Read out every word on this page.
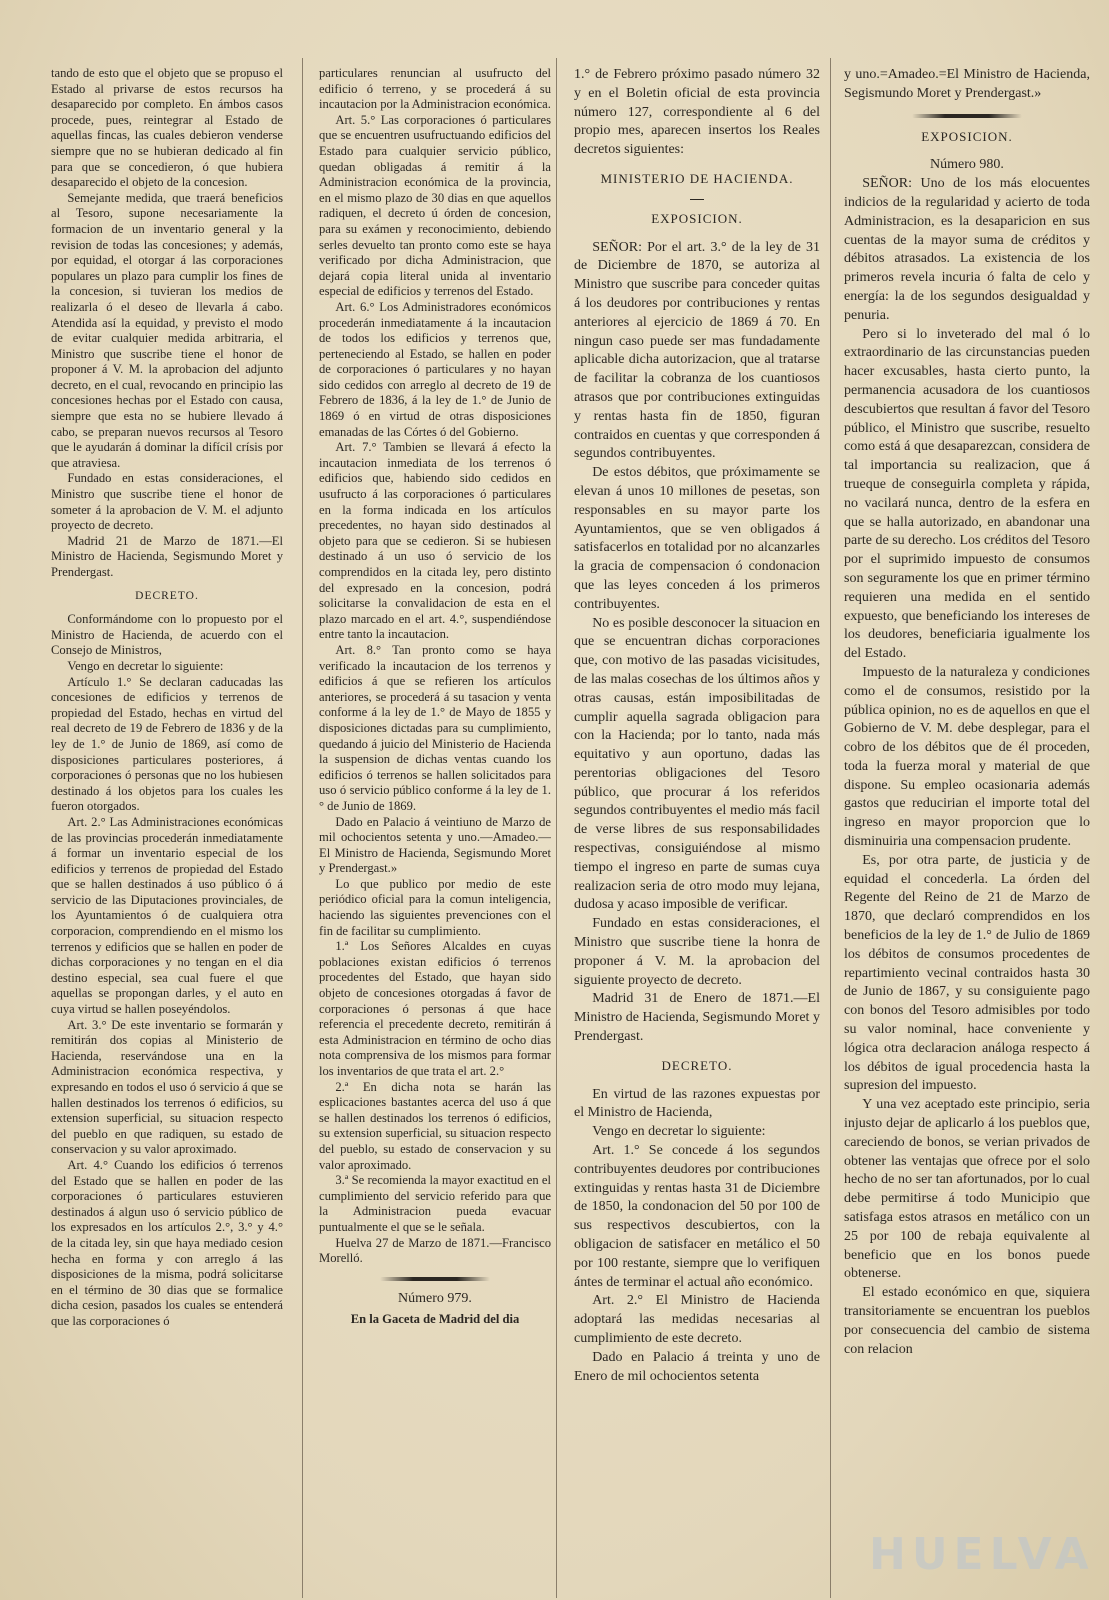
tando de esto que el objeto que se propuso el Estado al privarse de estos recursos ha desaparecido por completo. En ámbos casos procede, pues, reintegrar al Estado de aquellas fincas, las cuales debieron venderse siempre que no se hubieran dedicado al fin para que se concedieron, ó que hubiera desaparecido el objeto de la concesion.

Semejante medida, que traerá beneficios al Tesoro, supone necesariamente la formacion de un inventario general y la revision de todas las concesiones; y además, por equidad, el otorgar á las corporaciones populares un plazo para cumplir los fines de la concesion, si tuvieran los medios de realizarla ó el deseo de llevarla á cabo. Atendida así la equidad, y previsto el modo de evitar cualquier medida arbitraria, el Ministro que suscribe tiene el honor de proponer á V. M. la aprobacion del adjunto decreto, en el cual, revocando en principio las concesiones hechas por el Estado con causa, siempre que esta no se hubiere llevado á cabo, se preparan nuevos recursos al Tesoro que le ayudarán á dominar la difícil crísis por que atraviesa.

Fundado en estas consideraciones, el Ministro que suscribe tiene el honor de someter á la aprobacion de V. M. el adjunto proyecto de decreto.

Madrid 21 de Marzo de 1871.—El Ministro de Hacienda, Segismundo Moret y Prendergast.

DECRETO.

Conformándome con lo propuesto por el Ministro de Hacienda, de acuerdo con el Consejo de Ministros,

Vengo en decretar lo siguiente:

Artículo 1.° Se declaran caducadas las concesiones de edificios y terrenos de propiedad del Estado, hechas en virtud del real decreto de 19 de Febrero de 1836 y de la ley de 1.° de Junio de 1869, así como de disposiciones particulares posteriores, á corporaciones ó personas que no los hubiesen destinado á los objetos para los cuales les fueron otorgados.

Art. 2.° Las Administraciones económicas de las provincias procederán inmediatamente á formar un inventario especial de los edificios y terrenos de propiedad del Estado que se hallen destinados á uso público ó á servicio de las Diputaciones provinciales, de los Ayuntamientos ó de cualquiera otra corporacion, comprendiendo en el mismo los terrenos y edificios que se hallen en poder de dichas corporaciones y no tengan en el dia destino especial, sea cual fuere el que aquellas se propongan darles, y el auto en cuya virtud se hallen poseyéndolos.

Art. 3.° De este inventario se formarán y remitirán dos copias al Ministerio de Hacienda, reservándose una en la Administracion económica respectiva, y expresando en todos el uso ó servicio á que se hallen destinados los terrenos ó edificios, su extension superficial, su situacion respecto del pueblo en que radiquen, su estado de conservacion y su valor aproximado.

Art. 4.° Cuando los edificios ó terrenos del Estado que se hallen en poder de las corporaciones ó particulares estuvieren destinados á algun uso ó servicio público de los expresados en los artículos 2.°, 3.° y 4.° de la citada ley, sin que haya mediado cesion hecha en forma y con arreglo á las disposiciones de la misma, podrá solicitarse en el término de 30 dias que se formalice dicha cesion, pasados los cuales se entenderá que las corporaciones ó

particulares renuncian al usufructo del edificio ó terreno, y se procederá á su incautacion por la Administracion económica.

Art. 5.° Las corporaciones ó particulares que se encuentren usufructuando edificios del Estado para cualquier servicio público, quedan obligadas á remitir á la Administracion económica de la provincia, en el mismo plazo de 30 dias en que aquellos radiquen, el decreto ú órden de concesion, para su exámen y reconocimiento, debiendo serles devuelto tan pronto como este se haya verificado por dicha Administracion, que dejará copia literal unida al inventario especial de edificios y terrenos del Estado.

Art. 6.° Los Administradores económicos procederán inmediatamente á la incautacion de todos los edificios y terrenos que, perteneciendo al Estado, se hallen en poder de corporaciones ó particulares y no hayan sido cedidos con arreglo al decreto de 19 de Febrero de 1836, á la ley de 1.° de Junio de 1869 ó en virtud de otras disposiciones emanadas de las Córtes ó del Gobierno.

Art. 7.° Tambien se llevará á efecto la incautacion inmediata de los terrenos ó edificios que, habiendo sido cedidos en usufructo á las corporaciones ó particulares en la forma indicada en los artículos precedentes, no hayan sido destinados al objeto para que se cedieron. Si se hubiesen destinado á un uso ó servicio de los comprendidos en la citada ley, pero distinto del expresado en la concesion, podrá solicitarse la convalidacion de esta en el plazo marcado en el art. 4.°, suspendiéndose entre tanto la incautacion.

Art. 8.° Tan pronto como se haya verificado la incautacion de los terrenos y edificios á que se refieren los artículos anteriores, se procederá á su tasacion y venta conforme á la ley de 1.° de Mayo de 1855 y disposiciones dictadas para su cumplimiento, quedando á juicio del Ministerio de Hacienda la suspension de dichas ventas cuando los edificios ó terrenos se hallen solicitados para uso ó servicio público conforme á la ley de 1.° de Junio de 1869.

Dado en Palacio á veintiuno de Marzo de mil ochocientos setenta y uno.—Amadeo.—El Ministro de Hacienda, Segismundo Moret y Prendergast.»

Lo que publico por medio de este periódico oficial para la comun inteligencia, haciendo las siguientes prevenciones con el fin de facilitar su cumplimiento.

1.ª Los Señores Alcaldes en cuyas poblaciones existan edificios ó terrenos procedentes del Estado, que hayan sido objeto de concesiones otorgadas á favor de corporaciones ó personas á que hace referencia el precedente decreto, remitirán á esta Administracion en término de ocho dias nota comprensiva de los mismos para formar los inventarios de que trata el art. 2.°

2.ª En dicha nota se harán las esplicaciones bastantes acerca del uso á que se hallen destinados los terrenos ó edificios, su extension superficial, su situacion respecto del pueblo, su estado de conservacion y su valor aproximado.

3.ª Se recomienda la mayor exactitud en el cumplimiento del servicio referido para que la Administracion pueda evacuar puntualmente el que se le señala.

Huelva 27 de Marzo de 1871.—Francisco Morelló.

Número 979.

En la Gaceta de Madrid del dia

1.° de Febrero próximo pasado número 32 y en el Boletin oficial de esta provincia número 127, correspondiente al 6 del propio mes, aparecen insertos los Reales decretos siguientes:

MINISTERIO DE HACIENDA.
EXPOSICION.

SEÑOR: Por el art. 3.° de la ley de 31 de Diciembre de 1870, se autoriza al Ministro que suscribe para conceder quitas á los deudores por contribuciones y rentas anteriores al ejercicio de 1869 á 70. En ningun caso puede ser mas fundadamente aplicable dicha autorizacion, que al tratarse de facilitar la cobranza de los cuantiosos atrasos que por contribuciones extinguidas y rentas hasta fin de 1850, figuran contraidos en cuentas y que corresponden á segundos contribuyentes.

De estos débitos, que próximamente se elevan á unos 10 millones de pesetas, son responsables en su mayor parte los Ayuntamientos, que se ven obligados á satisfacerlos en totalidad por no alcanzarles la gracia de compensacion ó condonacion que las leyes conceden á los primeros contribuyentes.

No es posible desconocer la situacion en que se encuentran dichas corporaciones que, con motivo de las pasadas vicisitudes, de las malas cosechas de los últimos años y otras causas, están imposibilitadas de cumplir aquella sagrada obligacion para con la Hacienda; por lo tanto, nada más equitativo y aun oportuno, dadas las perentorias obligaciones del Tesoro público, que procurar á los referidos segundos contribuyentes el medio más facil de verse libres de sus responsabilidades respectivas, consiguiéndose al mismo tiempo el ingreso en parte de sumas cuya realizacion seria de otro modo muy lejana, dudosa y acaso imposible de verificar.

Fundado en estas consideraciones, el Ministro que suscribe tiene la honra de proponer á V. M. la aprobacion del siguiente proyecto de decreto.

Madrid 31 de Enero de 1871.—El Ministro de Hacienda, Segismundo Moret y Prendergast.

DECRETO.

En virtud de las razones expuestas por el Ministro de Hacienda,

Vengo en decretar lo siguiente:

Art. 1.° Se concede á los segundos contribuyentes deudores por contribuciones extinguidas y rentas hasta 31 de Diciembre de 1850, la condonacion del 50 por 100 de sus respectivos descubiertos, con la obligacion de satisfacer en metálico el 50 por 100 restante, siempre que lo verifiquen ántes de terminar el actual año económico.

Art. 2.° El Ministro de Hacienda adoptará las medidas necesarias al cumplimiento de este decreto.

Dado en Palacio á treinta y uno de Enero de mil ochocientos setenta

y uno.=Amadeo.=El Ministro de Hacienda, Segismundo Moret y Prendergast.»

EXPOSICION.

Número 980.

SEÑOR: Uno de los más elocuentes indicios de la regularidad y acierto de toda Administracion, es la desaparicion en sus cuentas de la mayor suma de créditos y débitos atrasados. La existencia de los primeros revela incuria ó falta de celo y energía: la de los segundos desigualdad y penuria.

Pero si lo inveterado del mal ó lo extraordinario de las circunstancias pueden hacer excusables, hasta cierto punto, la permanencia acusadora de los cuantiosos descubiertos que resultan á favor del Tesoro público, el Ministro que suscribe, resuelto como está á que desaparezcan, considera de tal importancia su realizacion, que á trueque de conseguirla completa y rápida, no vacilará nunca, dentro de la esfera en que se halla autorizado, en abandonar una parte de su derecho. Los créditos del Tesoro por el suprimido impuesto de consumos son seguramente los que en primer término requieren una medida en el sentido expuesto, que beneficiando los intereses de los deudores, beneficiaria igualmente los del Estado.

Impuesto de la naturaleza y condiciones como el de consumos, resistido por la pública opinion, no es de aquellos en que el Gobierno de V. M. debe desplegar, para el cobro de los débitos que de él proceden, toda la fuerza moral y material de que dispone. Su empleo ocasionaria además gastos que reducirian el importe total del ingreso en mayor proporcion que lo disminuiria una compensacion prudente.

Es, por otra parte, de justicia y de equidad el concederla. La órden del Regente del Reino de 21 de Marzo de 1870, que declaró comprendidos en los beneficios de la ley de 1.° de Julio de 1869 los débitos de consumos procedentes de repartimiento vecinal contraidos hasta 30 de Junio de 1867, y su consiguiente pago con bonos del Tesoro admisibles por todo su valor nominal, hace conveniente y lógica otra declaracion análoga respecto á los débitos de igual procedencia hasta la supresion del impuesto.

Y una vez aceptado este principio, seria injusto dejar de aplicarlo á los pueblos que, careciendo de bonos, se verian privados de obtener las ventajas que ofrece por el solo hecho de no ser tan afortunados, por lo cual debe permitirse á todo Municipio que satisfaga estos atrasos en metálico con un 25 por 100 de rebaja equivalente al beneficio que en los bonos puede obtenerse.

El estado económico en que, siquiera transitoriamente se encuentran los pueblos por consecuencia del cambio de sistema con relacion

HUELVA
